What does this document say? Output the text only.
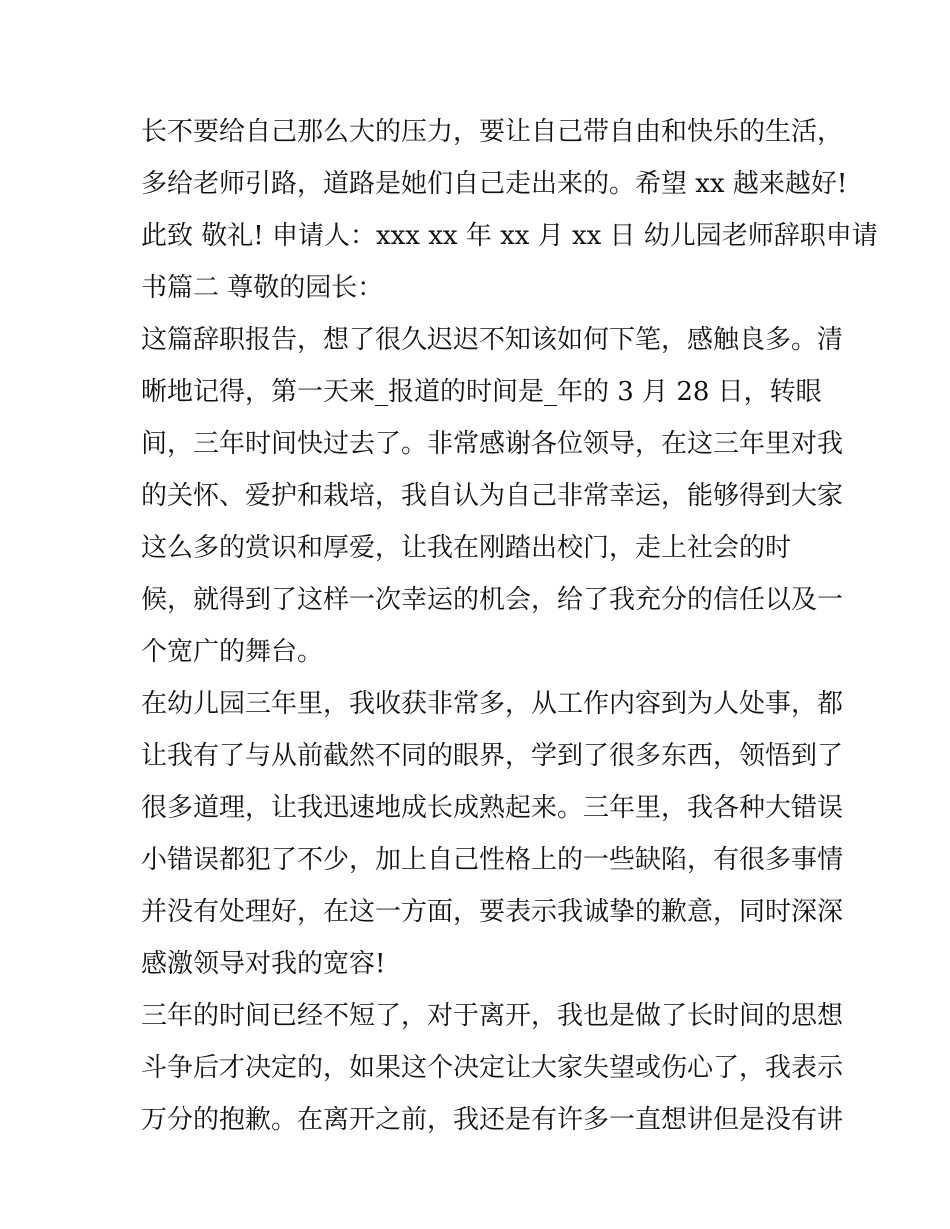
长不要给自己那么大的压力，要让自己带自由和快乐的生活，
多给老师引路，道路是她们自己走出来的。希望 xx 越来越好!
此致 敬礼! 申请人：xxx xx 年 xx 月 xx 日 幼儿园老师辞职申请
书篇二 尊敬的园长：
这篇辞职报告，想了很久迟迟不知该如何下笔，感触良多。清
晰地记得，第一天来_报道的时间是_年的 3 月 28 日，转眼
间，三年时间快过去了。非常感谢各位领导，在这三年里对我
的关怀、爱护和栽培，我自认为自己非常幸运，能够得到大家
这么多的赏识和厚爱，让我在刚踏出校门，走上社会的时
候，就得到了这样一次幸运的机会，给了我充分的信任以及一
个宽广的舞台。
在幼儿园三年里，我收获非常多，从工作内容到为人处事，都
让我有了与从前截然不同的眼界，学到了很多东西，领悟到了
很多道理，让我迅速地成长成熟起来。三年里，我各种大错误
小错误都犯了不少，加上自己性格上的一些缺陷，有很多事情
并没有处理好，在这一方面，要表示我诚挚的歉意，同时深深
感激领导对我的宽容!
三年的时间已经不短了，对于离开，我也是做了长时间的思想
斗争后才决定的，如果这个决定让大家失望或伤心了，我表示
万分的抱歉。在离开之前，我还是有许多一直想讲但是没有讲
